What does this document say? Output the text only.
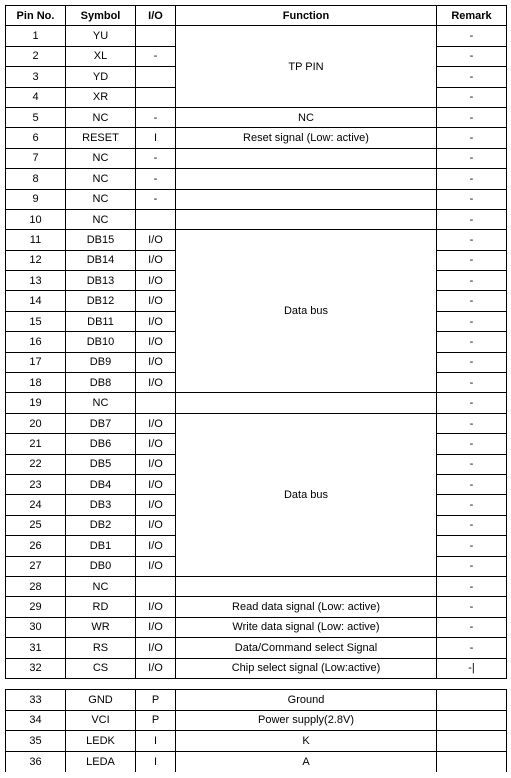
Pin No.	Symbol	I/O	Function	Remark
1	YU		TP PIN	-
2	XL	-		-
3	YD			-
4	XR			-
5	NC	-	NC	-
6	RESET	I	Reset signal (Low: active)	-
7	NC	-		-
8	NC	-		-
9	NC	-		-
10	NC			-
11	DB15	I/O	Data bus	-
12	DB14	I/O		-
13	DB13	I/O		-
14	DB12	I/O		-
15	DB11	I/O		-
16	DB10	I/O		-
17	DB9	I/O		-
18	DB8	I/O		-
19	NC			-
20	DB7	I/O	Data bus	-
21	DB6	I/O		-
22	DB5	I/O		-
23	DB4	I/O		-
24	DB3	I/O		-
25	DB2	I/O		-
26	DB1	I/O		-
27	DB0	I/O		-
28	NC			-
29	RD	I/O	Read data signal (Low: active)	-
30	WR	I/O	Write data signal (Low: active)	-
31	RS	I/O	Data/Command select Signal	-
32	CS	I/O	Chip select signal (Low:active)	-|
33	GND	P	Ground	
34	VCI	P	Power supply(2.8V)	
35	LEDK	I	K	
36	LEDA	I	A	
